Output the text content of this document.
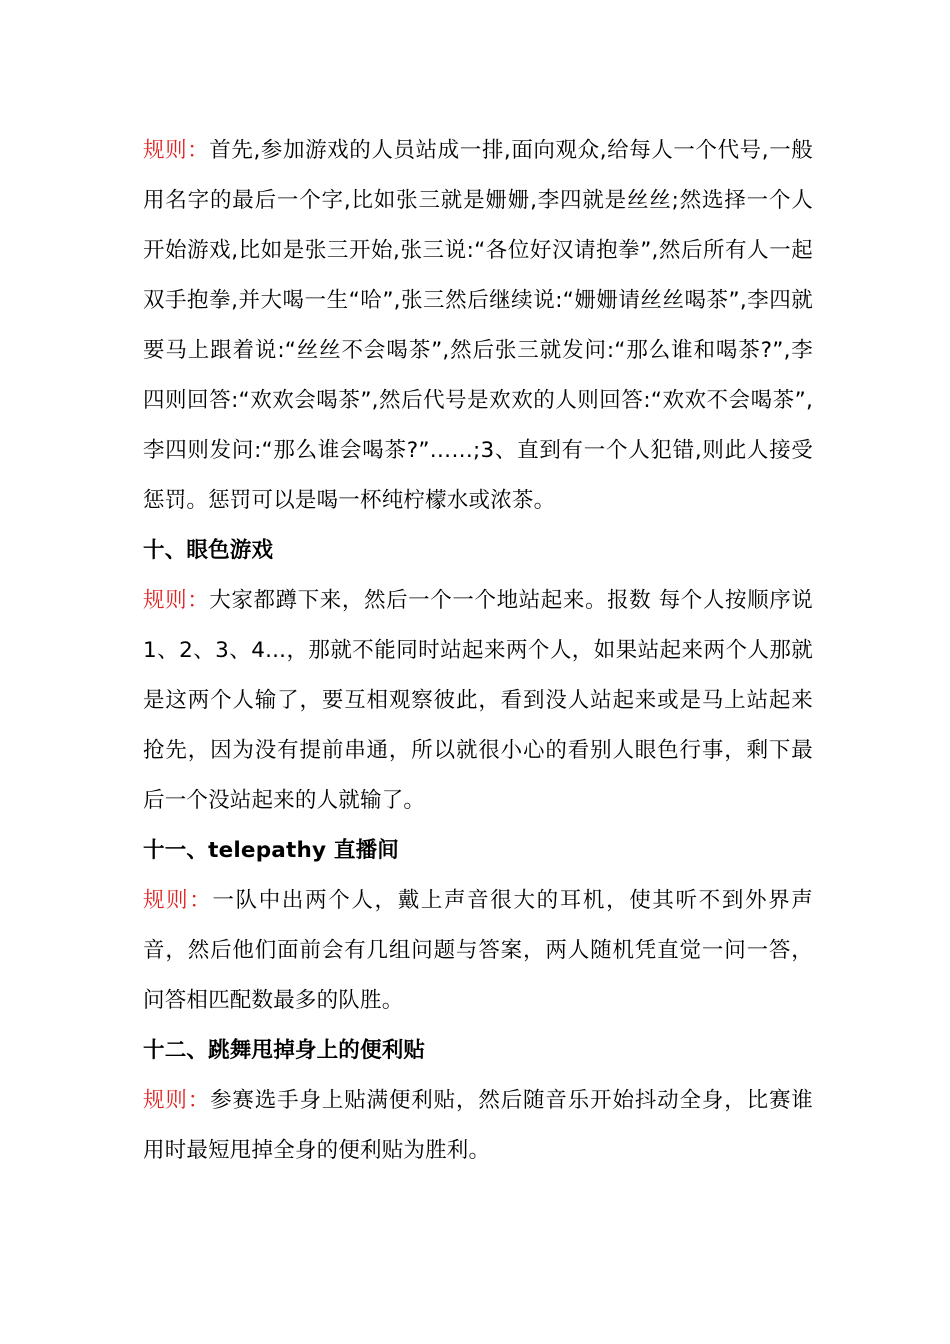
规则：首先,参加游戏的人员站成一排,面向观众,给每人一个代号,一般用名字的最后一个字,比如张三就是姗姗,李四就是丝丝;然选择一个人开始游戏,比如是张三开始,张三说:“各位好汉请抱拳”,然后所有人一起双手抱拳,并大喝一生“哈”,张三然后继续说:“姗姗请丝丝喝茶”,李四就要马上跟着说:“丝丝不会喝茶”,然后张三就发问:“那么谁和喝茶?”,李四则回答:“欢欢会喝茶”,然后代号是欢欢的人则回答:“欢欢不会喝茶”,李四则发问:“那么谁会喝茶?”……;3、直到有一个人犯错,则此人接受惩罚。惩罚可以是喝一杯纯柠檬水或浓茶。

十、眼色游戏

规则：大家都蹲下来，然后一个一个地站起来。报数 每个人按顺序说1、2、3、4...，那就不能同时站起来两个人，如果站起来两个人那就是这两个人输了，要互相观察彼此，看到没人站起来或是马上站起来抢先，因为没有提前串通，所以就很小心的看别人眼色行事，剩下最后一个没站起来的人就输了。

十一、telepathy 直播间

规则：一队中出两个人，戴上声音很大的耳机，使其听不到外界声音，然后他们面前会有几组问题与答案，两人随机凭直觉一问一答，问答相匹配数最多的队胜。

十二、跳舞甩掉身上的便利贴

规则：参赛选手身上贴满便利贴，然后随音乐开始抖动全身，比赛谁用时最短甩掉全身的便利贴为胜利。
